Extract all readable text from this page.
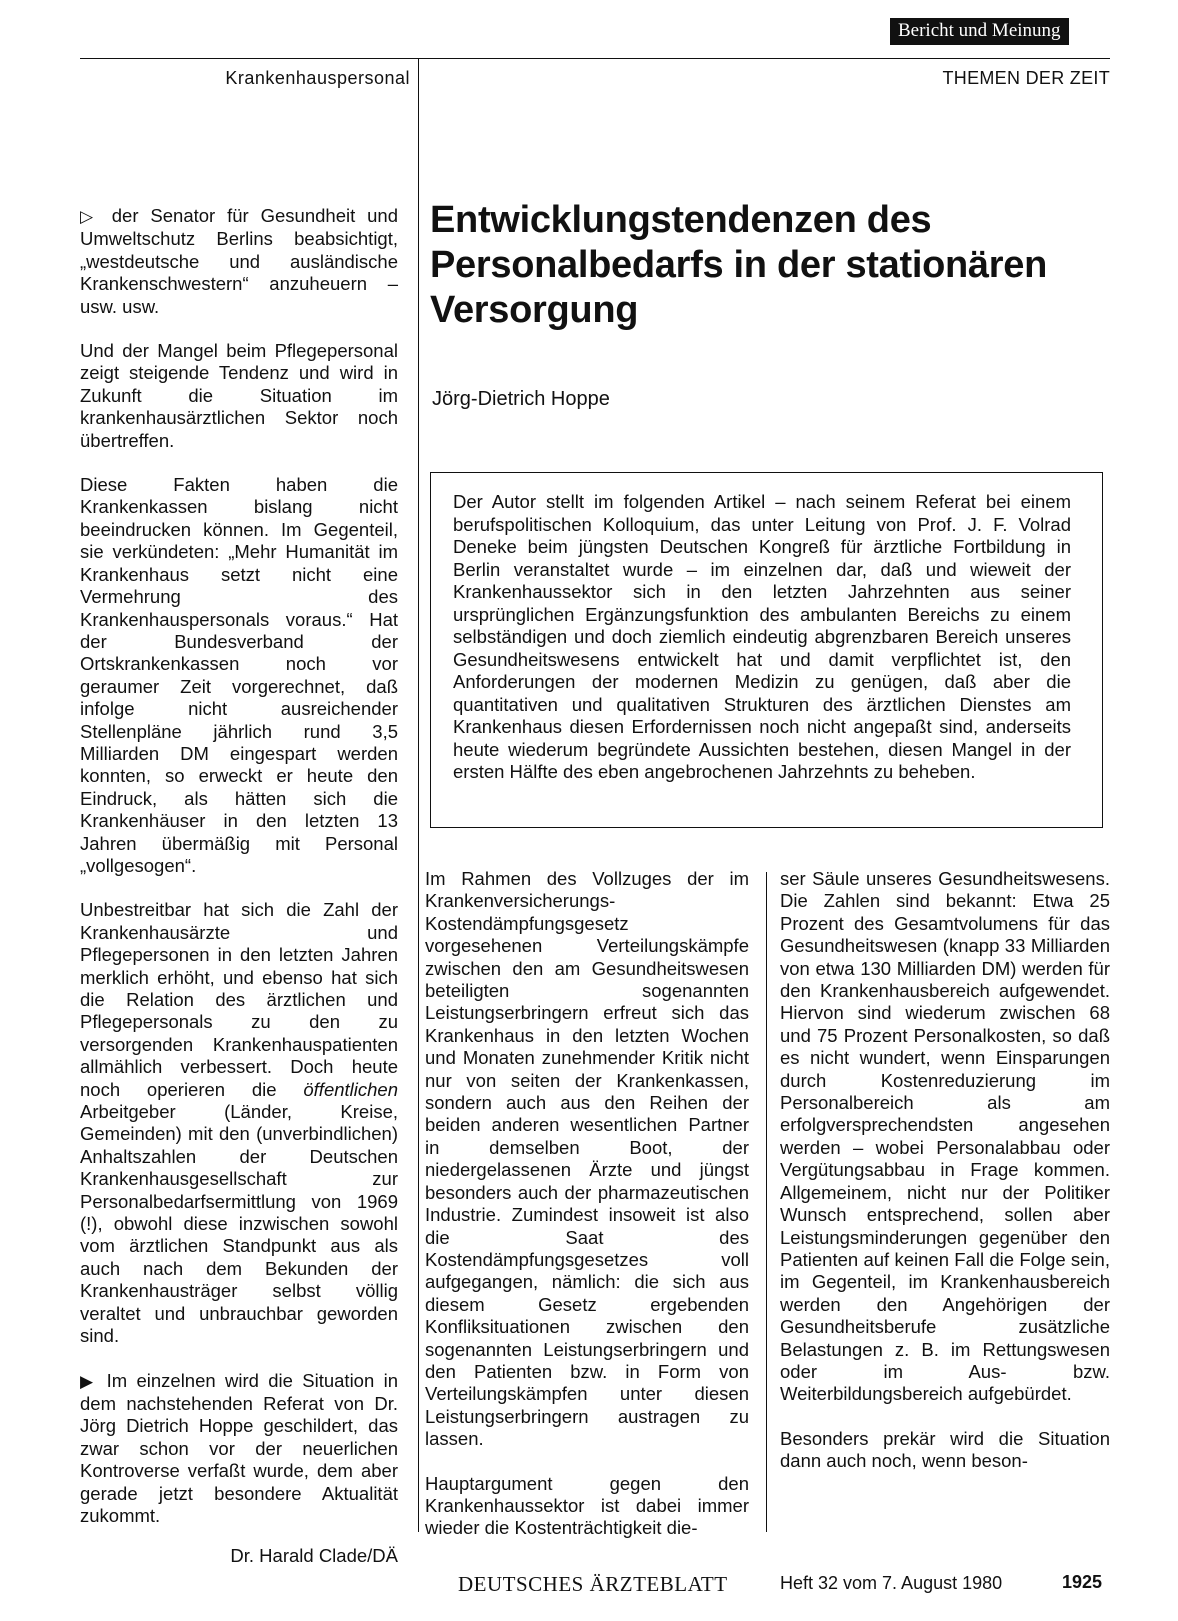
Bericht und Meinung
Krankenhauspersonal	THEMEN DER ZEIT
Entwicklungstendenzen des Personalbedarfs in der stationären Versorgung
Jörg-Dietrich Hoppe
Der Autor stellt im folgenden Artikel – nach seinem Referat bei einem berufspolitischen Kolloquium, das unter Leitung von Prof. J. F. Volrad Deneke beim jüngsten Deutschen Kongreß für ärztliche Fortbildung in Berlin veranstaltet wurde – im einzelnen dar, daß und wieweit der Krankenhaussektor sich in den letzten Jahrzehnten aus seiner ursprünglichen Ergänzungsfunktion des ambulanten Bereichs zu einem selbständigen und doch ziemlich eindeutig abgrenzbaren Bereich unseres Gesundheitswesens entwickelt hat und damit verpflichtet ist, den Anforderungen der modernen Medizin zu genügen, daß aber die quantitativen und qualitativen Strukturen des ärztlichen Dienstes am Krankenhaus diesen Erfordernissen noch nicht angepaßt sind, anderseits heute wiederum begründete Aussichten bestehen, diesen Mangel in der ersten Hälfte des eben angebrochenen Jahrzehnts zu beheben.

▷ der Senator für Gesundheit und Umweltschutz Berlins beabsichtigt, „westdeutsche und ausländische Krankenschwestern“ anzuheuern – usw. usw.

Und der Mangel beim Pflegepersonal zeigt steigende Tendenz und wird in Zukunft die Situation im krankenhausärztlichen Sektor noch übertreffen.

Diese Fakten haben die Krankenkassen bislang nicht beeindrucken können. Im Gegenteil, sie verkündeten: „Mehr Humanität im Krankenhaus setzt nicht eine Vermehrung des Krankenhauspersonals voraus.“ Hat der Bundesverband der Ortskrankenkassen noch vor geraumer Zeit vorgerechnet, daß infolge nicht ausreichender Stellenpläne jährlich rund 3,5 Milliarden DM eingespart werden konnten, so erweckt er heute den Eindruck, als hätten sich die Krankenhäuser in den letzten 13 Jahren übermäßig mit Personal „vollgesogen“.

Unbestreitbar hat sich die Zahl der Krankenhausärzte und Pflegepersonen in den letzten Jahren merklich erhöht, und ebenso hat sich die Relation des ärztlichen und Pflegepersonals zu den zu versorgenden Krankenhauspatienten allmählich verbessert. Doch heute noch operieren die öffentlichen Arbeitgeber (Länder, Kreise, Gemeinden) mit den (unverbindlichen) Anhaltszahlen der Deutschen Krankenhausgesellschaft zur Personalbedarfsermittlung von 1969 (!), obwohl diese inzwischen sowohl vom ärztlichen Standpunkt aus als auch nach dem Bekunden der Krankenhausträger selbst völlig veraltet und unbrauchbar geworden sind.

▶ Im einzelnen wird die Situation in dem nachstehenden Referat von Dr. Jörg Dietrich Hoppe geschildert, das zwar schon vor der neuerlichen Kontroverse verfaßt wurde, dem aber gerade jetzt besondere Aktualität zukommt.

Dr. Harald Clade/DÄ

Im Rahmen des Vollzuges der im Krankenversicherungs-Kostendämpfungsgesetz vorgesehenen Verteilungskämpfe zwischen den am Gesundheitswesen beteiligten sogenannten Leistungserbringern erfreut sich das Krankenhaus in den letzten Wochen und Monaten zunehmender Kritik nicht nur von seiten der Krankenkassen, sondern auch aus den Reihen der beiden anderen wesentlichen Partner in demselben Boot, der niedergelassenen Ärzte und jüngst besonders auch der pharmazeutischen Industrie. Zumindest insoweit ist also die Saat des Kostendämpfungsgesetzes voll aufgegangen, nämlich: die sich aus diesem Gesetz ergebenden Konfliksituationen zwischen den sogenannten Leistungserbringern und den Patienten bzw. in Form von Verteilungskämpfen unter diesen Leistungserbringern austragen zu lassen.

Hauptargument gegen den Krankenhaussektor ist dabei immer wieder die Kostenträchtigkeit die-

ser Säule unseres Gesundheitswesens. Die Zahlen sind bekannt: Etwa 25 Prozent des Gesamtvolumens für das Gesundheitswesen (knapp 33 Milliarden von etwa 130 Milliarden DM) werden für den Krankenhausbereich aufgewendet. Hiervon sind wiederum zwischen 68 und 75 Prozent Personalkosten, so daß es nicht wundert, wenn Einsparungen durch Kostenreduzierung im Personalbereich als am erfolgversprechendsten angesehen werden – wobei Personalabbau oder Vergütungsabbau in Frage kommen. Allgemeinem, nicht nur der Politiker Wunsch entsprechend, sollen aber Leistungsminderungen gegenüber den Patienten auf keinen Fall die Folge sein, im Gegenteil, im Krankenhausbereich werden den Angehörigen der Gesundheitsberufe zusätzliche Belastungen z. B. im Rettungswesen oder im Aus- bzw. Weiterbildungsbereich aufgebürdet.

Besonders prekär wird die Situation dann auch noch, wenn beson-

DEUTSCHES ÄRZTEBLATT	Heft 32 vom 7. August 1980	1925
